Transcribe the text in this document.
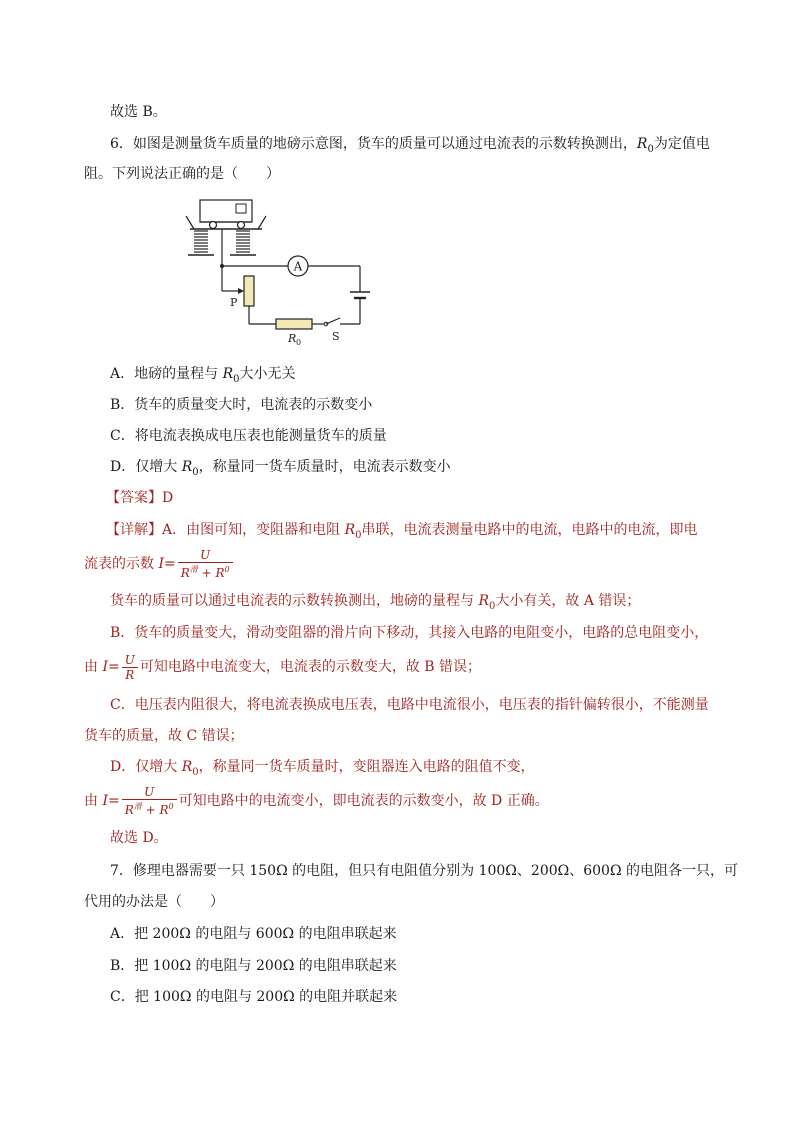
故选 B。
6．如图是测量货车质量的地磅示意图，货车的质量可以通过电流表的示数转换测出，$R_0$为定值电
阻。下列说法正确的是（　　）
A
P
R 0	S
A．地磅的量程与 $R_0$大小无关
B．货车的质量变大时，电流表的示数变小
C．将电流表换成电压表也能测量货车的质量
D．仅增大 $R_0$，称量同一货车质量时，电流表示数变小
【答案】D
【详解】A．由图可知，变阻器和电阻 $R_0$串联，电流表测量电路中的电流，电路中的电流，即电
流表的示数 $I= \frac{U}{R^滑 + R^0}$
货车的质量可以通过电流表的示数转换测出，地磅的量程与 $R_0$大小有关，故 A 错误；
B．货车的质量变大，滑动变阻器的滑片向下移动，其接入电路的电阻变小，电路的总电阻变小，
由 $I= \frac{U}{R}$ 可知电路中电流变大，电流表的示数变大，故 B 错误；
C．电压表内阻很大，将电流表换成电压表，电路中电流很小，电压表的指针偏转很小，不能测量
货车的质量，故 C 错误；
D．仅增大 $R_0$，称量同一货车质量时，变阻器连入电路的阻值不变，
由 $I= \frac{U}{R^滑 + R^0}$ 可知电路中的电流变小，即电流表的示数变小，故 D 正确。
故选 D。
7．修理电器需要一只 150Ω 的电阻，但只有电阻值分别为 100Ω、200Ω、600Ω 的电阻各一只，可
代用的办法是（　　）
A．把 200Ω 的电阻与 600Ω 的电阻串联起来
B．把 100Ω 的电阻与 200Ω 的电阻串联起来
C．把 100Ω 的电阻与 200Ω 的电阻并联起来
